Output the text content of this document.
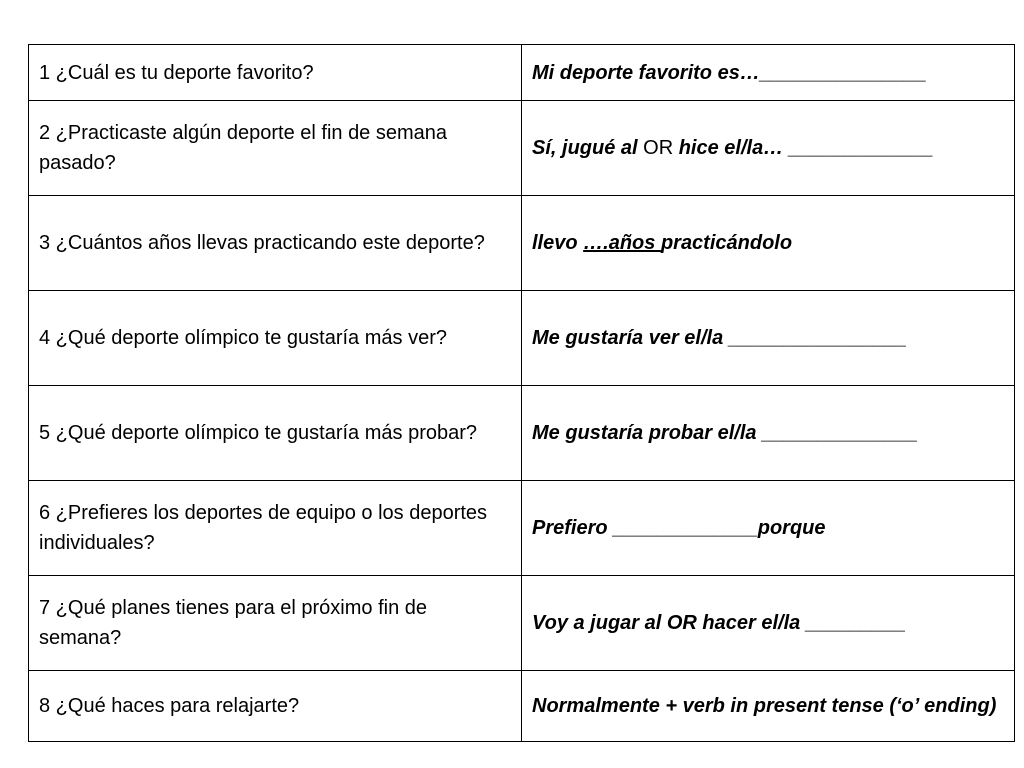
1 ¿Cuál es tu deporte favorito?	Mi deporte favorito es…_______________
2 ¿Practicaste algún deporte el fin de semana pasado?	Sí, jugué al OR hice el/la… _____________
3 ¿Cuántos años llevas practicando este deporte?	llevo ….años practicándolo
4 ¿Qué deporte olímpico te gustaría más ver?	Me gustaría ver el/la ________________
5 ¿Qué deporte olímpico te gustaría más probar?	Me gustaría probar el/la ______________
6 ¿Prefieres los deportes de equipo o los deportes individuales?	Prefiero _____________porque
7 ¿Qué planes tienes para el próximo fin de semana?	Voy a jugar al OR hacer el/la _________
8 ¿Qué haces para relajarte?	Normalmente + verb in present tense (‘o’ ending)
